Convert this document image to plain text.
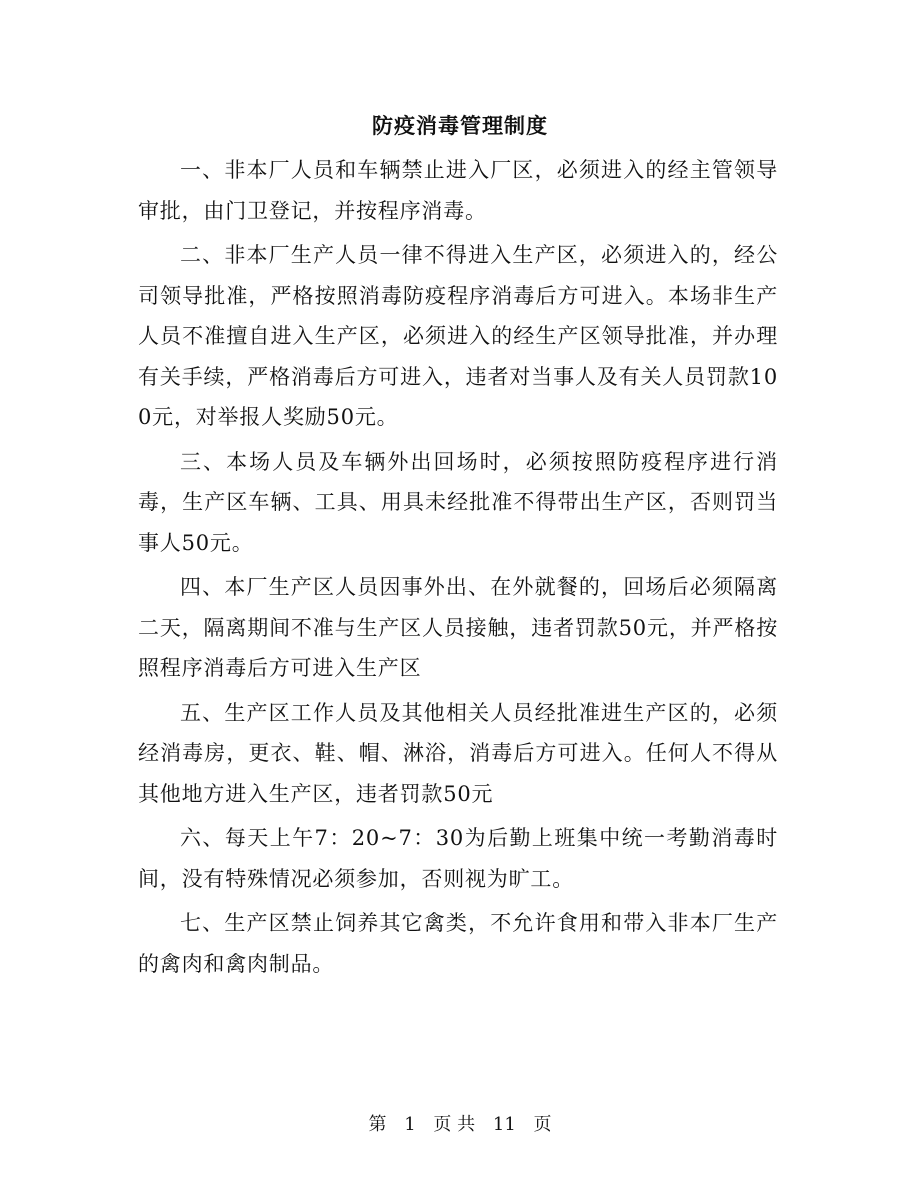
防疫消毒管理制度

一、非本厂人员和车辆禁止进入厂区，必须进入的经主管领导审批，由门卫登记，并按程序消毒。

二、非本厂生产人员一律不得进入生产区，必须进入的，经公司领导批准，严格按照消毒防疫程序消毒后方可进入。本场非生产人员不准擅自进入生产区，必须进入的经生产区领导批准，并办理有关手续，严格消毒后方可进入，违者对当事人及有关人员罚款100元，对举报人奖励50元。

三、本场人员及车辆外出回场时，必须按照防疫程序进行消毒，生产区车辆、工具、用具未经批准不得带出生产区，否则罚当事人50元。

四、本厂生产区人员因事外出、在外就餐的，回场后必须隔离二天，隔离期间不准与生产区人员接触，违者罚款50元，并严格按照程序消毒后方可进入生产区

五、生产区工作人员及其他相关人员经批准进生产区的，必须经消毒房，更衣、鞋、帽、淋浴，消毒后方可进入。任何人不得从其他地方进入生产区，违者罚款50元

六、每天上午7：20~7：30为后勤上班集中统一考勤消毒时间，没有特殊情况必须参加，否则视为旷工。

七、生产区禁止饲养其它禽类，不允许食用和带入非本厂生产的禽肉和禽肉制品。

第 1 页 共 11 页
